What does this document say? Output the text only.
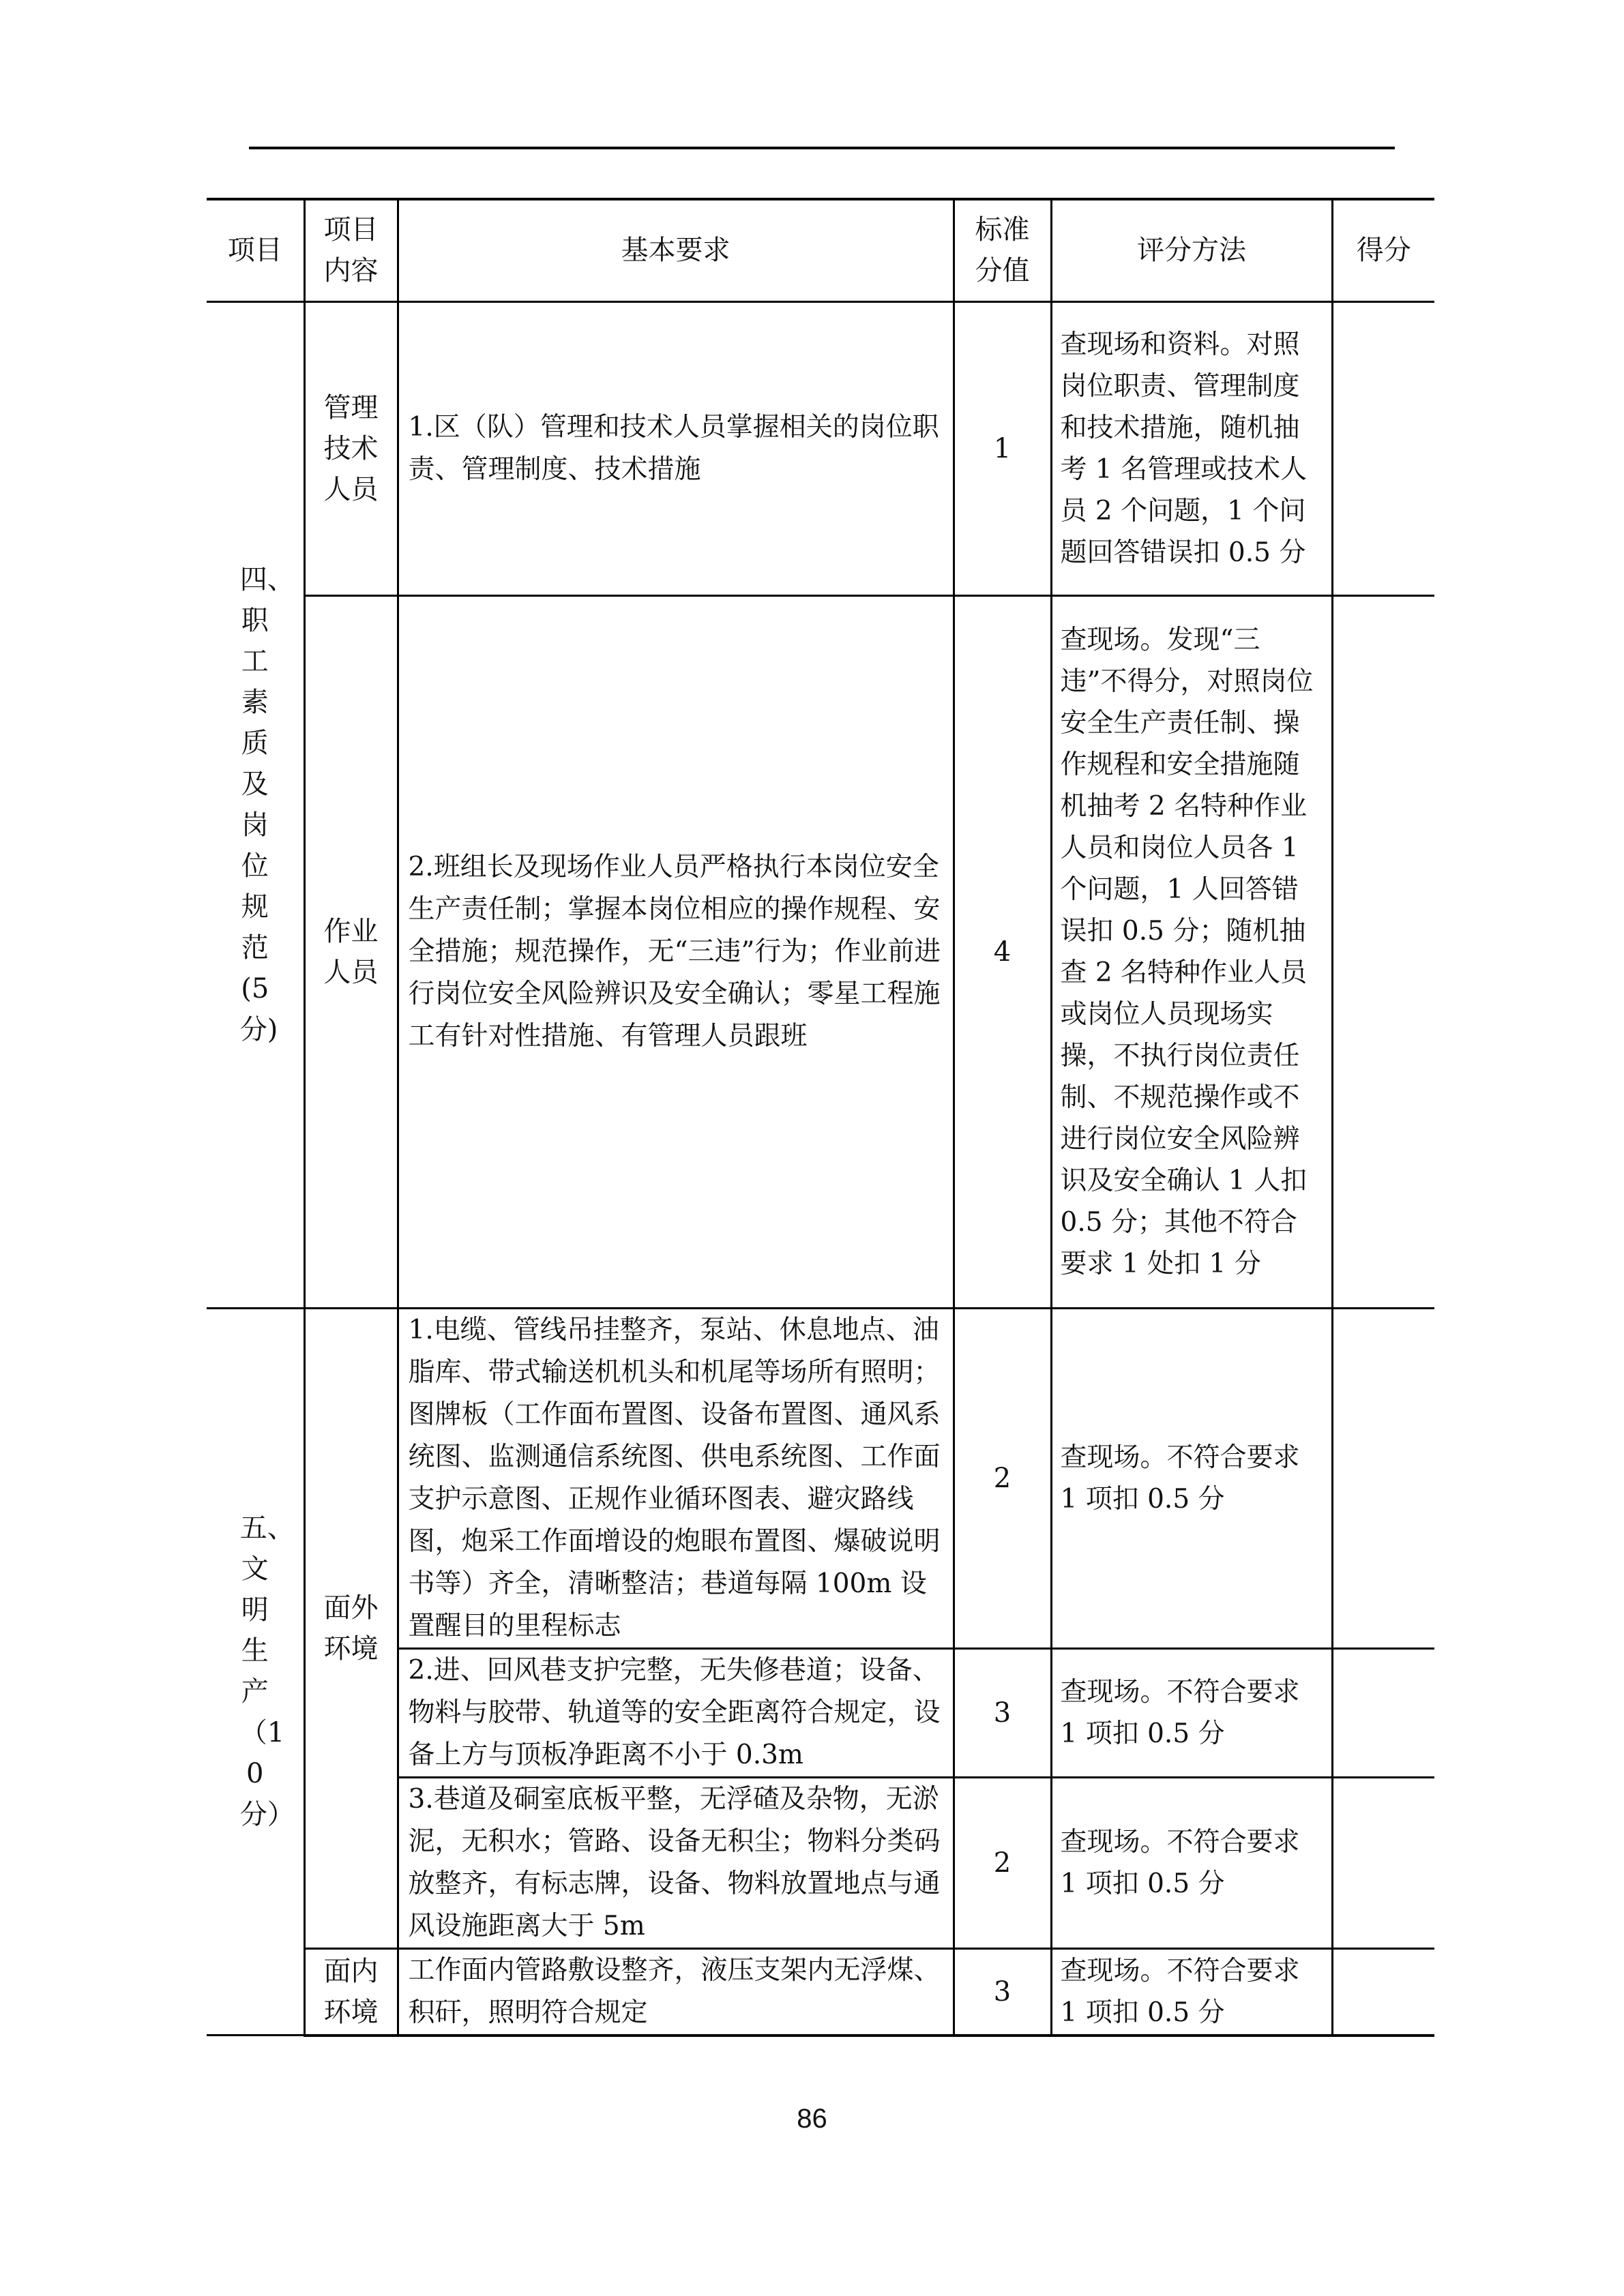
项目	项目内容	基本要求	标准分值	评分方法	得分

四、职工素质及岗位规范(5分)	管理技术人员	1.区（队）管理和技术人员掌握相关的岗位职责、管理制度、技术措施	1	查现场和资料。对照岗位职责、管理制度和技术措施，随机抽考 1 名管理或技术人员 2 个问题，1 个问题回答错误扣 0.5 分	

	作业人员	2.班组长及现场作业人员严格执行本岗位安全生产责任制；掌握本岗位相应的操作规程、安全措施；规范操作，无“三违”行为；作业前进行岗位安全风险辨识及安全确认；零星工程施工有针对性措施、有管理人员跟班	4	查现场。发现“三违”不得分，对照岗位安全生产责任制、操作规程和安全措施随机抽考 2 名特种作业人员和岗位人员各 1 个问题，1 人回答错误扣 0.5 分；随机抽查 2 名特种作业人员或岗位人员现场实操，不执行岗位责任制、不规范操作或不进行岗位安全风险辨识及安全确认 1 人扣 0.5 分；其他不符合要求 1 处扣 1 分	

五、文明生产（10分）	面外环境	1.电缆、管线吊挂整齐，泵站、休息地点、油脂库、带式输送机机头和机尾等场所有照明；图牌板（工作面布置图、设备布置图、通风系统图、监测通信系统图、供电系统图、工作面支护示意图、正规作业循环图表、避灾路线图，炮采工作面增设的炮眼布置图、爆破说明书等）齐全，清晰整洁；巷道每隔 100m 设置醒目的里程标志	2	查现场。不符合要求 1 项扣 0.5 分	

		2.进、回风巷支护完整，无失修巷道；设备、物料与胶带、轨道等的安全距离符合规定，设备上方与顶板净距离不小于 0.3m	3	查现场。不符合要求 1 项扣 0.5 分	

		3.巷道及硐室底板平整，无浮碴及杂物，无淤泥，无积水；管路、设备无积尘；物料分类码放整齐，有标志牌，设备、物料放置地点与通风设施距离大于 5m	2	查现场。不符合要求 1 项扣 0.5 分	

	面内环境	工作面内管路敷设整齐，液压支架内无浮煤、积矸，照明符合规定	3	查现场。不符合要求 1 项扣 0.5 分	

86
